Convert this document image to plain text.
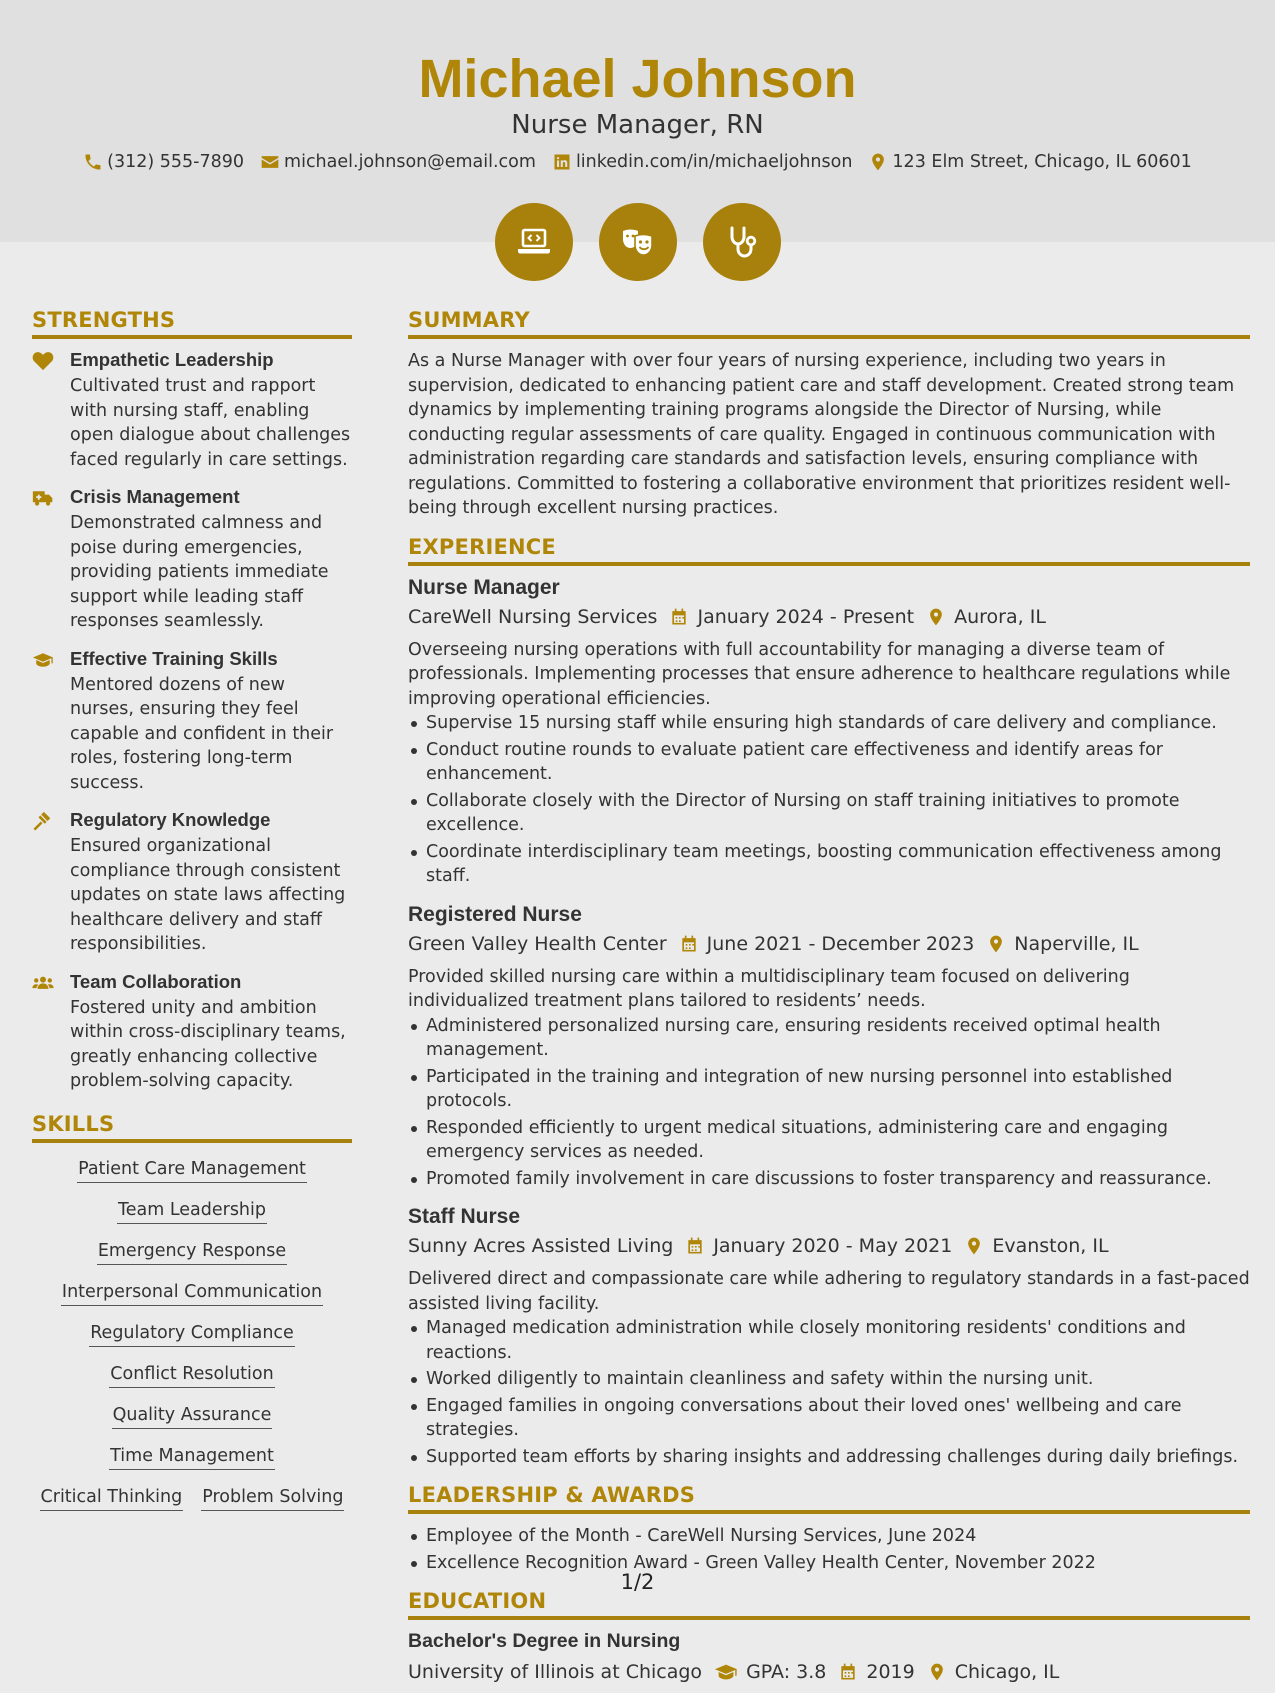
Michael Johnson
Nurse Manager, RN
(312) 555-7890 michael.johnson@email.com linkedin.com/in/michaeljohnson 123 Elm Street, Chicago, IL 60601
STRENGTHS
Empathetic Leadership
Cultivated trust and rapport with nursing staff, enabling open dialogue about challenges faced regularly in care settings.
Crisis Management
Demonstrated calmness and poise during emergencies, providing patients immediate support while leading staff responses seamlessly.
Effective Training Skills
Mentored dozens of new nurses, ensuring they feel capable and confident in their roles, fostering long-term success.
Regulatory Knowledge
Ensured organizational compliance through consistent updates on state laws affecting healthcare delivery and staff responsibilities.
Team Collaboration
Fostered unity and ambition within cross-disciplinary teams, greatly enhancing collective problem-solving capacity.
SKILLS
Patient Care Management
Team Leadership
Emergency Response
Interpersonal Communication
Regulatory Compliance
Conflict Resolution
Quality Assurance
Time Management
Critical Thinking Problem Solving
SUMMARY
As a Nurse Manager with over four years of nursing experience, including two years in supervision, dedicated to enhancing patient care and staff development. Created strong team dynamics by implementing training programs alongside the Director of Nursing, while conducting regular assessments of care quality. Engaged in continuous communication with administration regarding care standards and satisfaction levels, ensuring compliance with regulations. Committed to fostering a collaborative environment that prioritizes resident well-being through excellent nursing practices.
EXPERIENCE
Nurse Manager
CareWell Nursing Services January 2024 - Present Aurora, IL
Overseeing nursing operations with full accountability for managing a diverse team of professionals. Implementing processes that ensure adherence to healthcare regulations while improving operational efficiencies.
Supervise 15 nursing staff while ensuring high standards of care delivery and compliance.
Conduct routine rounds to evaluate patient care effectiveness and identify areas for enhancement.
Collaborate closely with the Director of Nursing on staff training initiatives to promote excellence.
Coordinate interdisciplinary team meetings, boosting communication effectiveness among staff.
Registered Nurse
Green Valley Health Center June 2021 - December 2023 Naperville, IL
Provided skilled nursing care within a multidisciplinary team focused on delivering individualized treatment plans tailored to residents’ needs.
Administered personalized nursing care, ensuring residents received optimal health management.
Participated in the training and integration of new nursing personnel into established protocols.
Responded efficiently to urgent medical situations, administering care and engaging emergency services as needed.
Promoted family involvement in care discussions to foster transparency and reassurance.
Staff Nurse
Sunny Acres Assisted Living January 2020 - May 2021 Evanston, IL
Delivered direct and compassionate care while adhering to regulatory standards in a fast-paced assisted living facility.
Managed medication administration while closely monitoring residents' conditions and reactions.
Worked diligently to maintain cleanliness and safety within the nursing unit.
Engaged families in ongoing conversations about their loved ones' wellbeing and care strategies.
Supported team efforts by sharing insights and addressing challenges during daily briefings.
LEADERSHIP & AWARDS
Employee of the Month - CareWell Nursing Services, June 2024
Excellence Recognition Award - Green Valley Health Center, November 2022
EDUCATION
Bachelor's Degree in Nursing
University of Illinois at Chicago GPA: 3.8 2019 Chicago, IL
1/2
